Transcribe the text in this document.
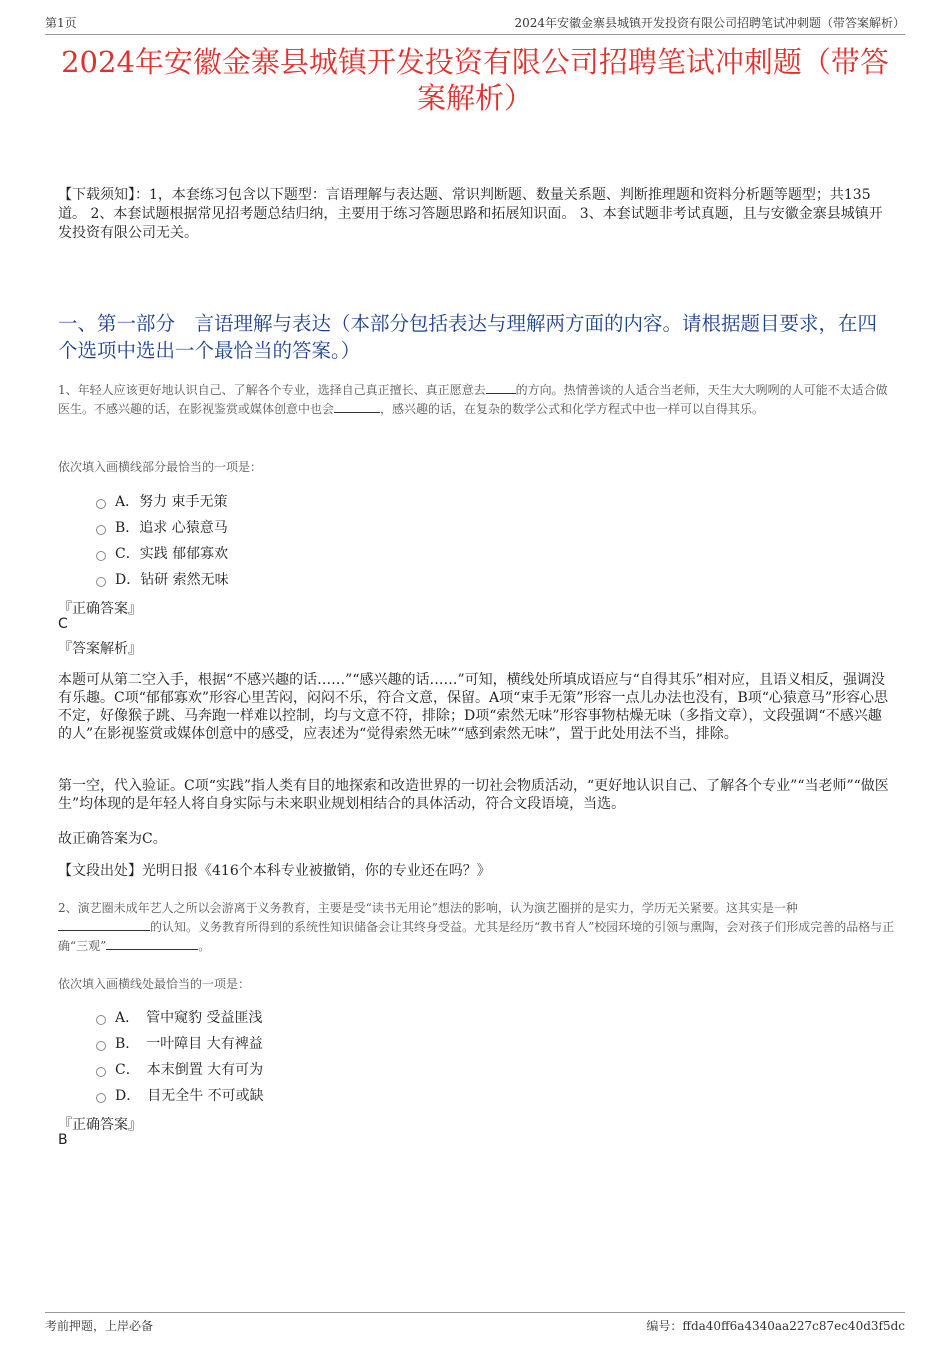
第1页	2024年安徽金寨县城镇开发投资有限公司招聘笔试冲刺题（带答案解析）
2024年安徽金寨县城镇开发投资有限公司招聘笔试冲刺题（带答案解析）
【下载须知】：1，本套练习包含以下题型：言语理解与表达题、常识判断题、数量关系题、判断推理题和资料分析题等题型；共135道。 2、本套试题根据常见招考题总结归纳，主要用于练习答题思路和拓展知识面。 3、本套试题非考试真题，且与安徽金寨县城镇开发投资有限公司无关。
一、第一部分　言语理解与表达（本部分包括表达与理解两方面的内容。请根据题目要求，在四个选项中选出一个最恰当的答案。）
1、年轻人应该更好地认识自己、了解各个专业，选择自己真正擅长、真正愿意去	的方向。热情善谈的人适合当老师，天生大大咧咧的人可能不太适合做医生。不感兴趣的话，在影视鉴赏或媒体创意中也会	，感兴趣的话，在复杂的数学公式和化学方程式中也一样可以自得其乐。
依次填入画横线部分最恰当的一项是：
A．努力 束手无策
B．追求 心猿意马
C．实践 郁郁寡欢
D．钻研 索然无味
『正确答案』
C
『答案解析』
本题可从第二空入手，根据“不感兴趣的话……”“感兴趣的话……”可知，横线处所填成语应与“自得其乐”相对应，且语义相反，强调没有乐趣。C项“郁郁寡欢”形容心里苦闷，闷闷不乐，符合文意，保留。A项“束手无策”形容一点儿办法也没有，B项“心猿意马”形容心思不定，好像猴子跳、马奔跑一样难以控制，均与文意不符，排除；D项“索然无味”形容事物枯燥无味（多指文章），文段强调“不感兴趣的人”在影视鉴赏或媒体创意中的感受，应表述为“觉得索然无味”“感到索然无味”，置于此处用法不当，排除。
第一空，代入验证。C项“实践”指人类有目的地探索和改造世界的一切社会物质活动，“更好地认识自己、了解各个专业”“当老师”“做医生”均体现的是年轻人将自身实际与未来职业规划相结合的具体活动，符合文段语境，当选。
故正确答案为C。
【文段出处】光明日报《416个本科专业被撤销，你的专业还在吗？》
2、演艺圈未成年艺人之所以会游离于义务教育，主要是受“读书无用论”想法的影响，认为演艺圈拼的是实力，学历无关紧要。这其实是一种
的认知。义务教育所得到的系统性知识储备会让其终身受益。尤其是经历“教书育人”校园环境的引领与熏陶，会对孩子们形成完善的品格与正确“三观”	。
依次填入画横线处最恰当的一项是：
A．　管中窥豹 受益匪浅
B．　一叶障目 大有裨益
C．　本末倒置 大有可为
D．　目无全牛 不可或缺
『正确答案』
B
考前押题，上岸必备	编号：ffda40ff6a4340aa227c87ec40d3f5dc
